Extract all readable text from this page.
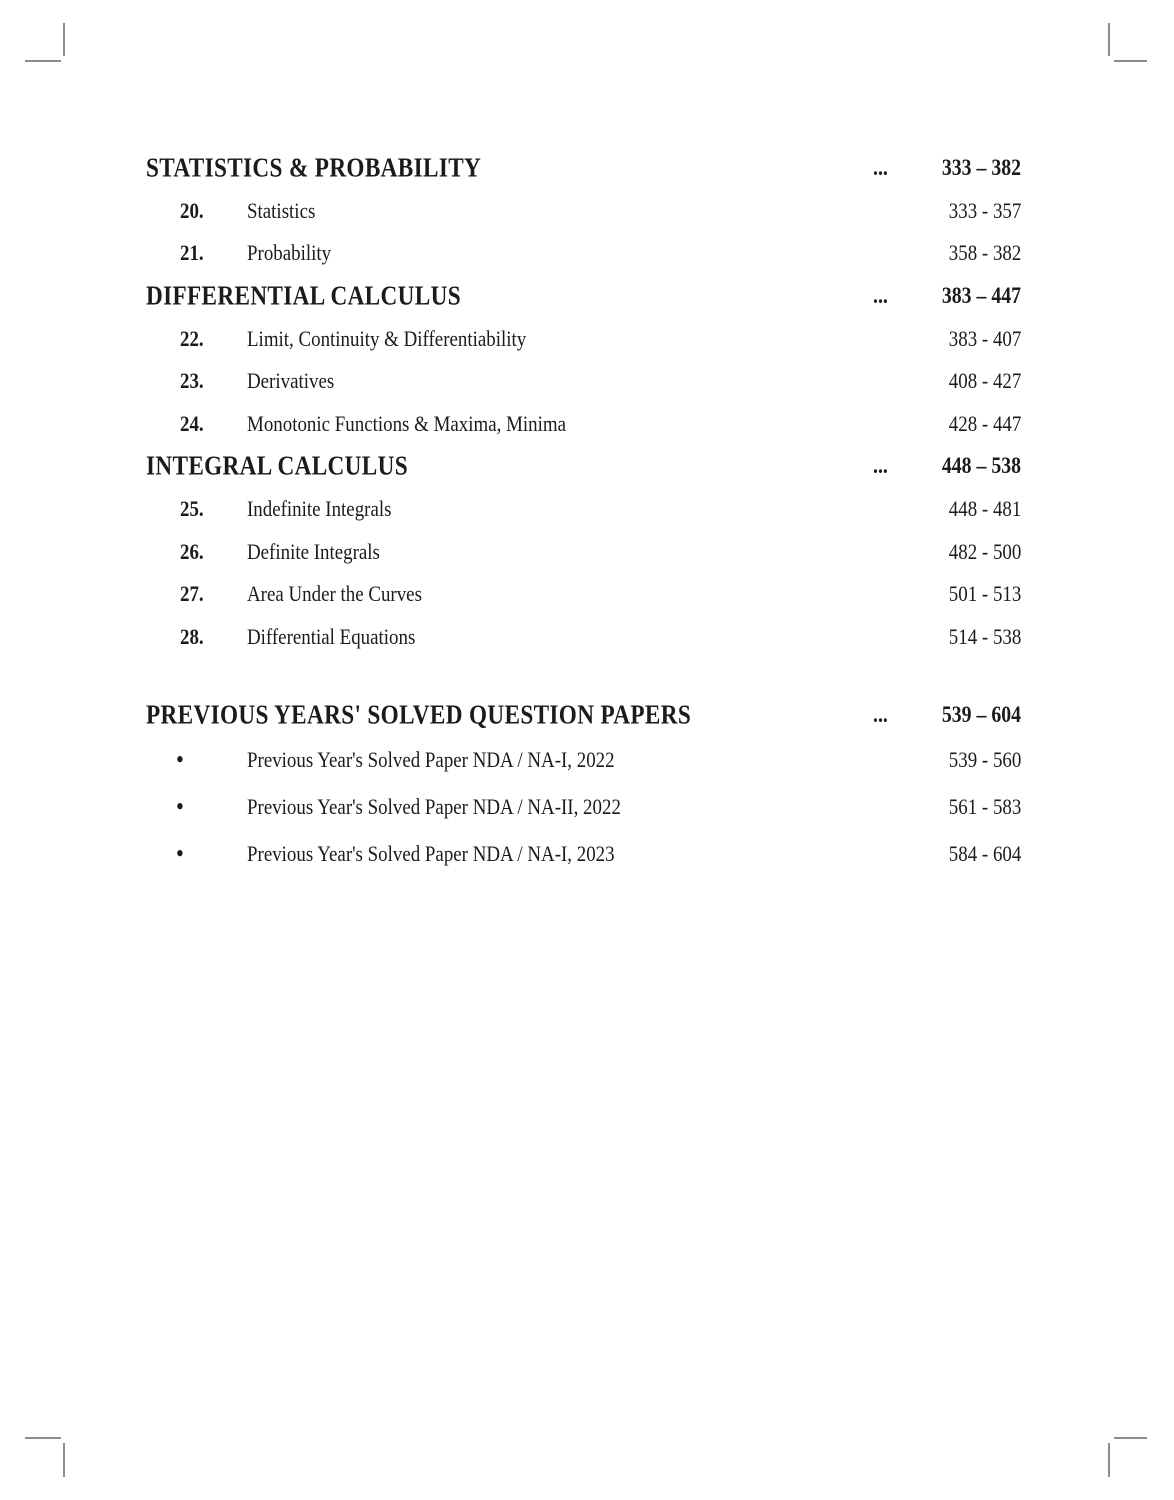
STATISTICS & PROBABILITY	... 333 – 382
20. Statistics	333 - 357
21. Probability	358 - 382
DIFFERENTIAL CALCULUS	... 383 – 447
22. Limit, Continuity & Differentiability	383 - 407
23. Derivatives	408 - 427
24. Monotonic Functions & Maxima, Minima	428 - 447
INTEGRAL CALCULUS	... 448 – 538
25. Indefinite Integrals	448 - 481
26. Definite Integrals	482 - 500
27. Area Under the Curves	501 - 513
28. Differential Equations	514 - 538
PREVIOUS YEARS' SOLVED QUESTION PAPERS	... 539 – 604
•	Previous Year's Solved Paper NDA / NA-I, 2022	539 - 560
•	Previous Year's Solved Paper NDA / NA-II, 2022	561 - 583
•	Previous Year's Solved Paper NDA / NA-I, 2023	584 - 604
